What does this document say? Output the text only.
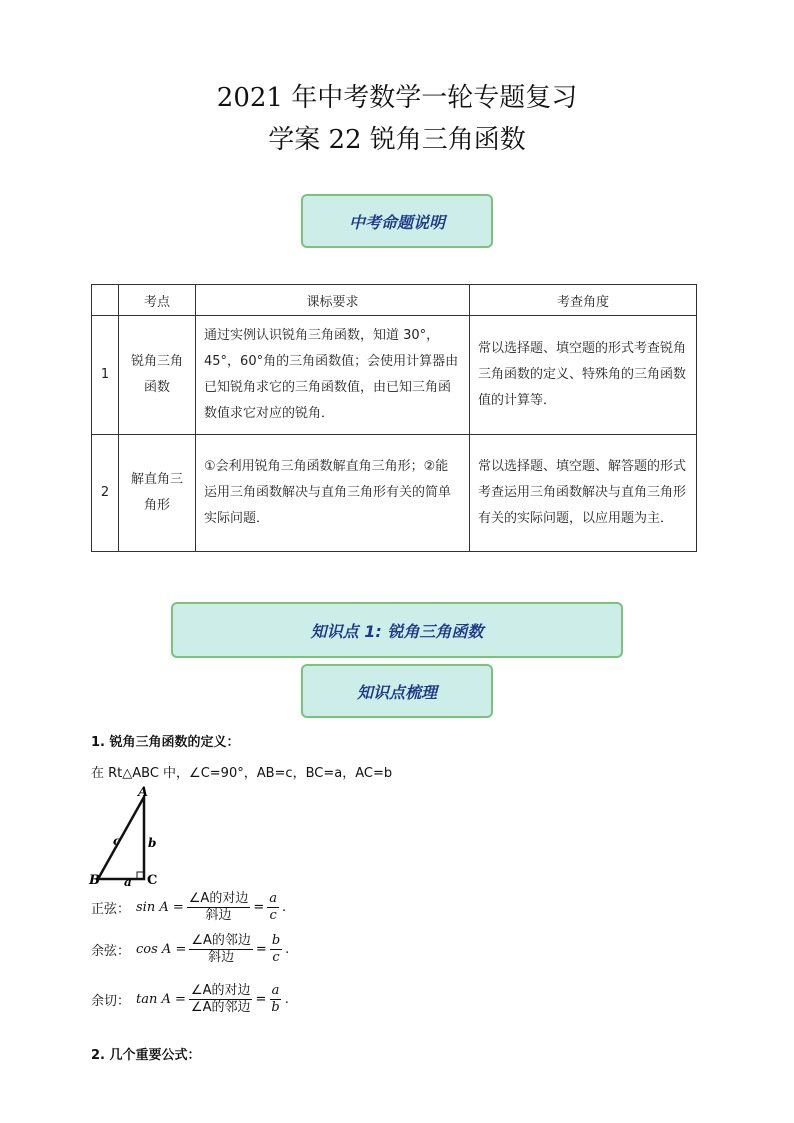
2021 年中考数学一轮专题复习
学案 22 锐角三角函数
中考命题说明
	考点	课标要求	考查角度
1	锐角三角函数	通过实例认识锐角三角函数，知道 30°，45°，60°角的三角函数值；会使用计算器由已知锐角求它的三角函数值，由已知三角函数值求它对应的锐角．	常以选择题、填空题的形式考查锐角三角函数的定义、特殊角的三角函数值的计算等．
2	解直角三角形	①会利用锐角三角函数解直角三角形；②能运用三角函数解决与直角三角形有关的简单实际问题．	常以选择题、填空题、解答题的形式考查运用三角函数解决与直角三角形有关的实际问题，以应用题为主．
知识点 1: 锐角三角函数
知识点梳理
1. 锐角三角函数的定义：
在 Rt△ABC 中，∠C=90°，AB=c，BC=a，AC=b
A
B	C
a
b
c
正弦： $\sin A = \frac{\text{∠A的对边}}{\text{斜边}} = \frac{a}{c}$ .
余弦： $\cos A = \frac{\text{∠A的邻边}}{\text{斜边}} = \frac{b}{c}$ .
余切： $\tan A = \frac{\text{∠A的对边}}{\text{∠A的邻边}} = \frac{a}{b}$ .
2. 几个重要公式：
